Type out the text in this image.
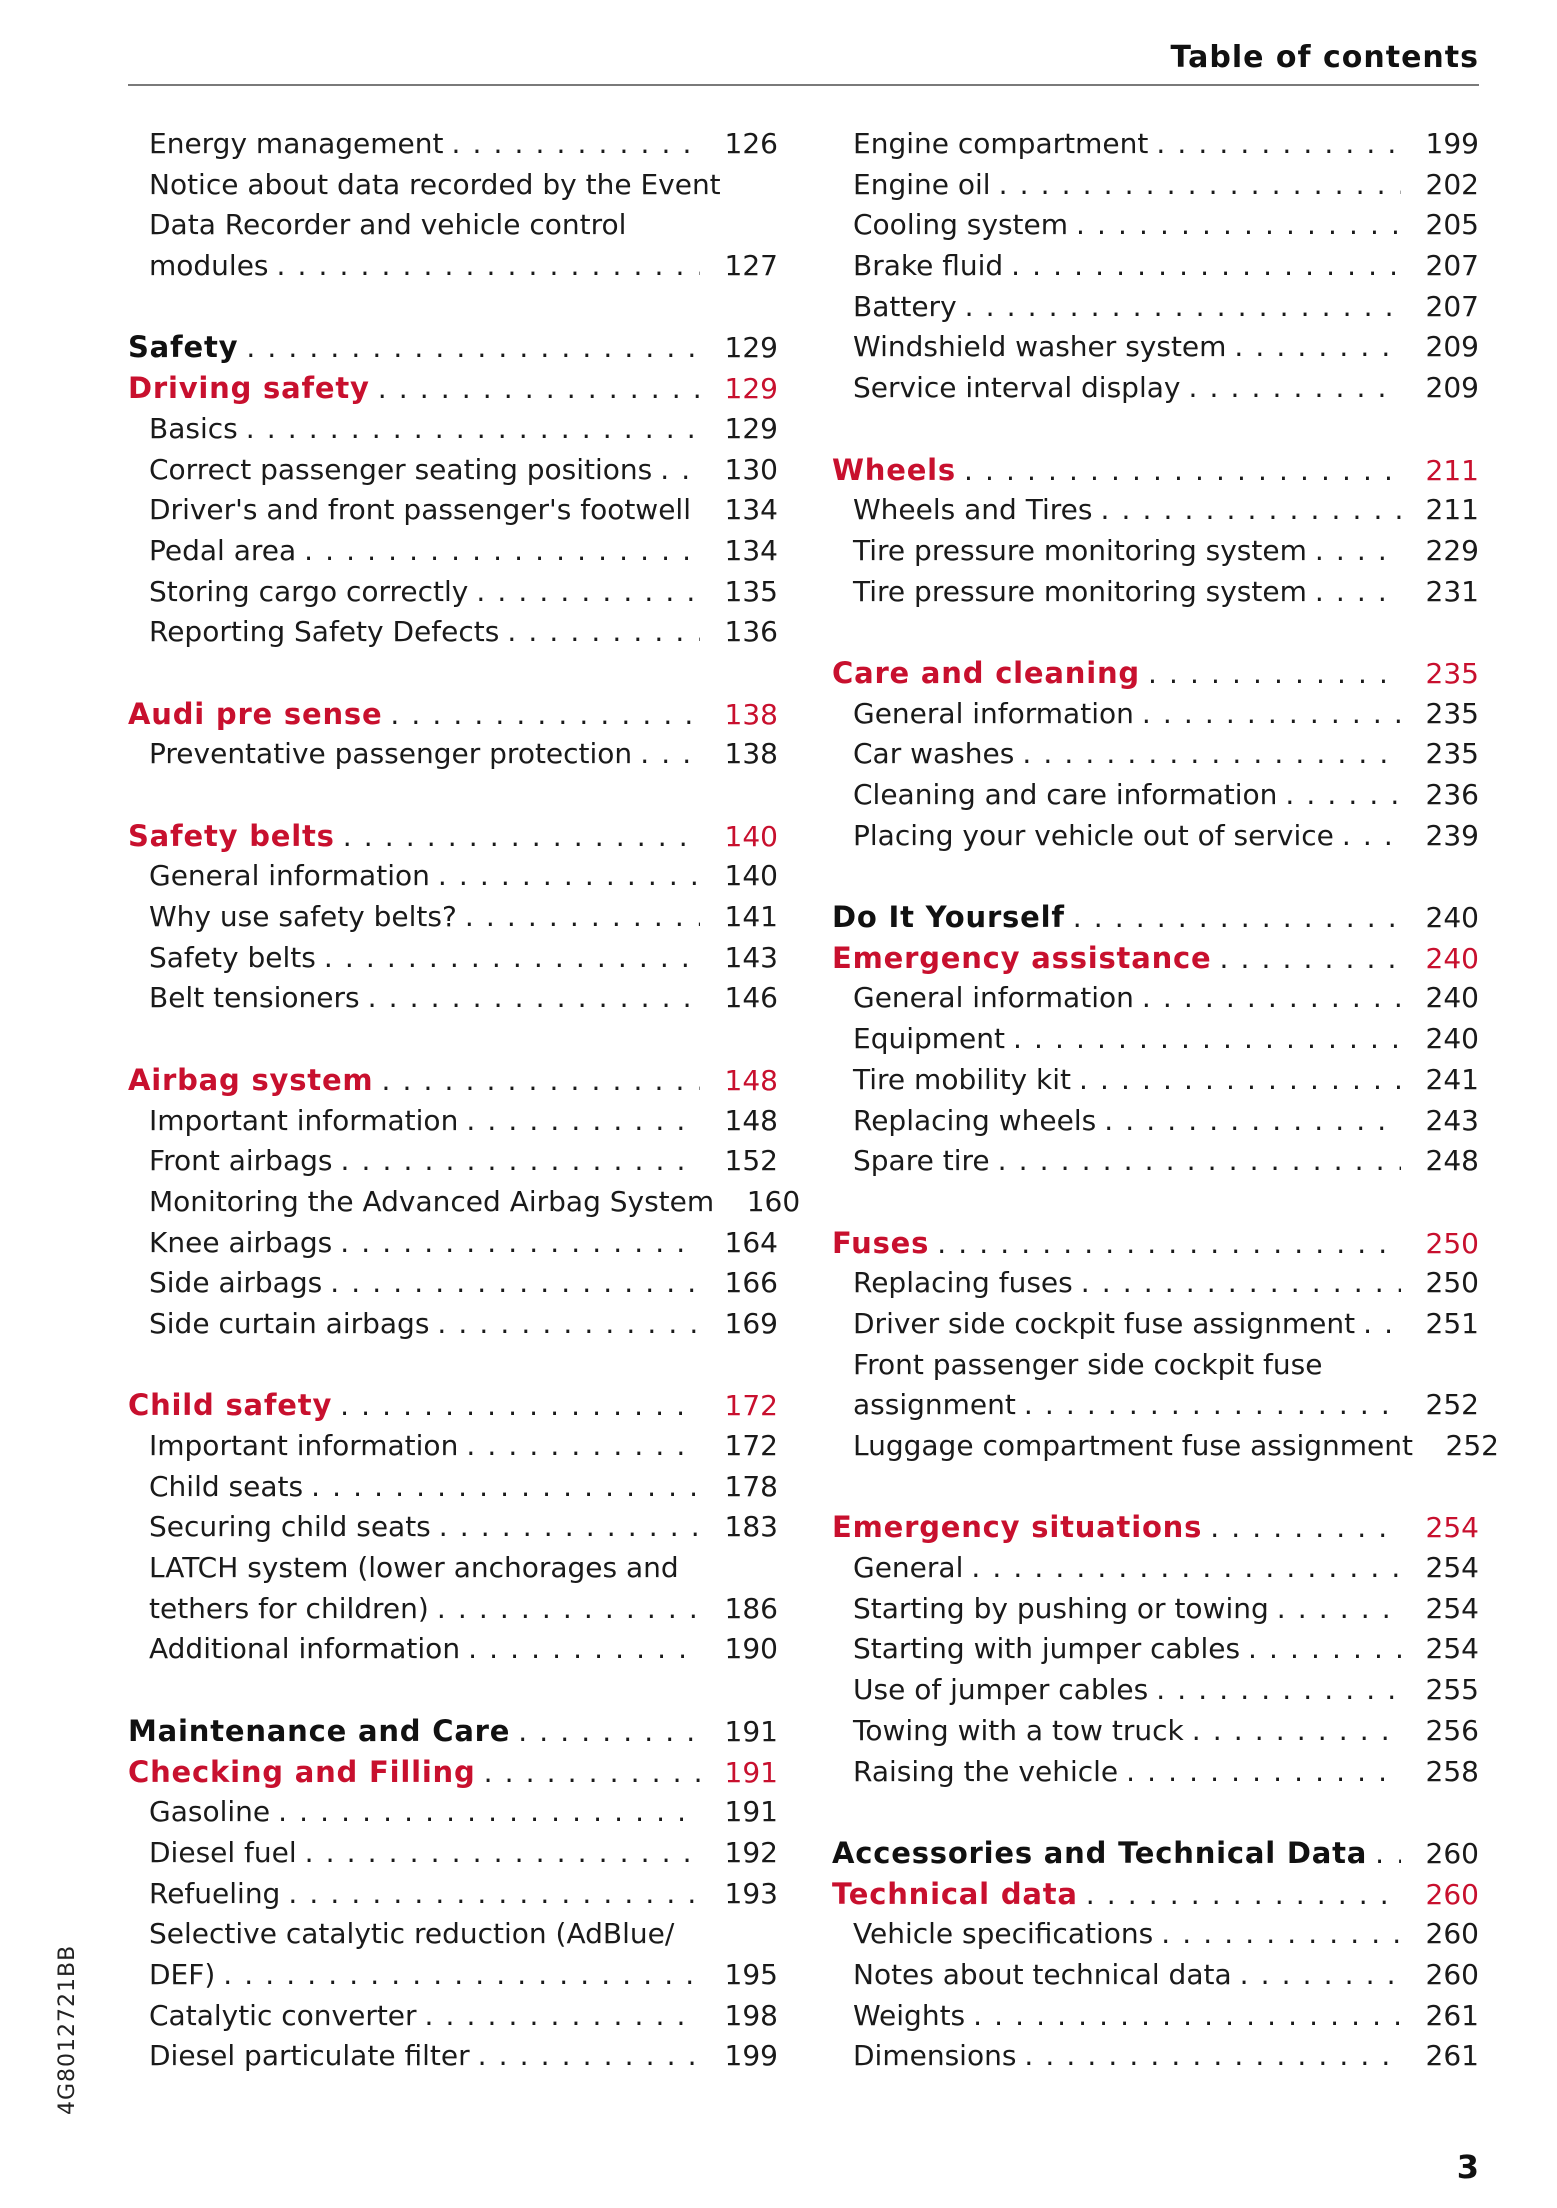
Table of contents
Energy management . . .	126
Notice about data recorded by the Event
Data Recorder and vehicle control
modules . . .	127
Safety . . .	129
Driving safety . . .	129
Basics . . .	129
Correct passenger seating positions . . .	130
Driver's and front passenger's footwell . . .	134
Pedal area . . .	134
Storing cargo correctly . . .	135
Reporting Safety Defects . . .	136
Audi pre sense . . .	138
Preventative passenger protection . . .	138
Safety belts . . .	140
General information . . .	140
Why use safety belts? . . .	141
Safety belts . . .	143
Belt tensioners . . .	146
Airbag system . . .	148
Important information . . .	148
Front airbags . . .	152
Monitoring the Advanced Airbag System	160
Knee airbags . . .	164
Side airbags . . .	166
Side curtain airbags . . .	169
Child safety . . .	172
Important information . . .	172
Child seats . . .	178
Securing child seats . . .	183
LATCH system (lower anchorages and
tethers for children) . . .	186
Additional information . . .	190
Maintenance and Care . . .	191
Checking and Filling . . .	191
Gasoline . . .	191
Diesel fuel . . .	192
Refueling . . .	193
Selective catalytic reduction (AdBlue/
DEF) . . .	195
Catalytic converter . . .	198
Diesel particulate filter . . .	199
Engine compartment . . .	199
Engine oil . . .	202
Cooling system . . .	205
Brake fluid . . .	207
Battery . . .	207
Windshield washer system . . .	209
Service interval display . . .	209
Wheels . . .	211
Wheels and Tires . . .	211
Tire pressure monitoring system . . .	229
Tire pressure monitoring system . . .	231
Care and cleaning . . .	235
General information . . .	235
Car washes . . .	235
Cleaning and care information . . .	236
Placing your vehicle out of service . . .	239
Do It Yourself . . .	240
Emergency assistance . . .	240
General information . . .	240
Equipment . . .	240
Tire mobility kit . . .	241
Replacing wheels . . .	243
Spare tire . . .	248
Fuses . . .	250
Replacing fuses . . .	250
Driver side cockpit fuse assignment . . .	251
Front passenger side cockpit fuse
assignment . . .	252
Luggage compartment fuse assignment	252
Emergency situations . . .	254
General . . .	254
Starting by pushing or towing . . .	254
Starting with jumper cables . . .	254
Use of jumper cables . . .	255
Towing with a tow truck . . .	256
Raising the vehicle . . .	258
Accessories and Technical Data . . .	260
Technical data . . .	260
Vehicle specifications . . .	260
Notes about technical data . . .	260
Weights . . .	261
Dimensions . . .	261
4G8012721BB
3
